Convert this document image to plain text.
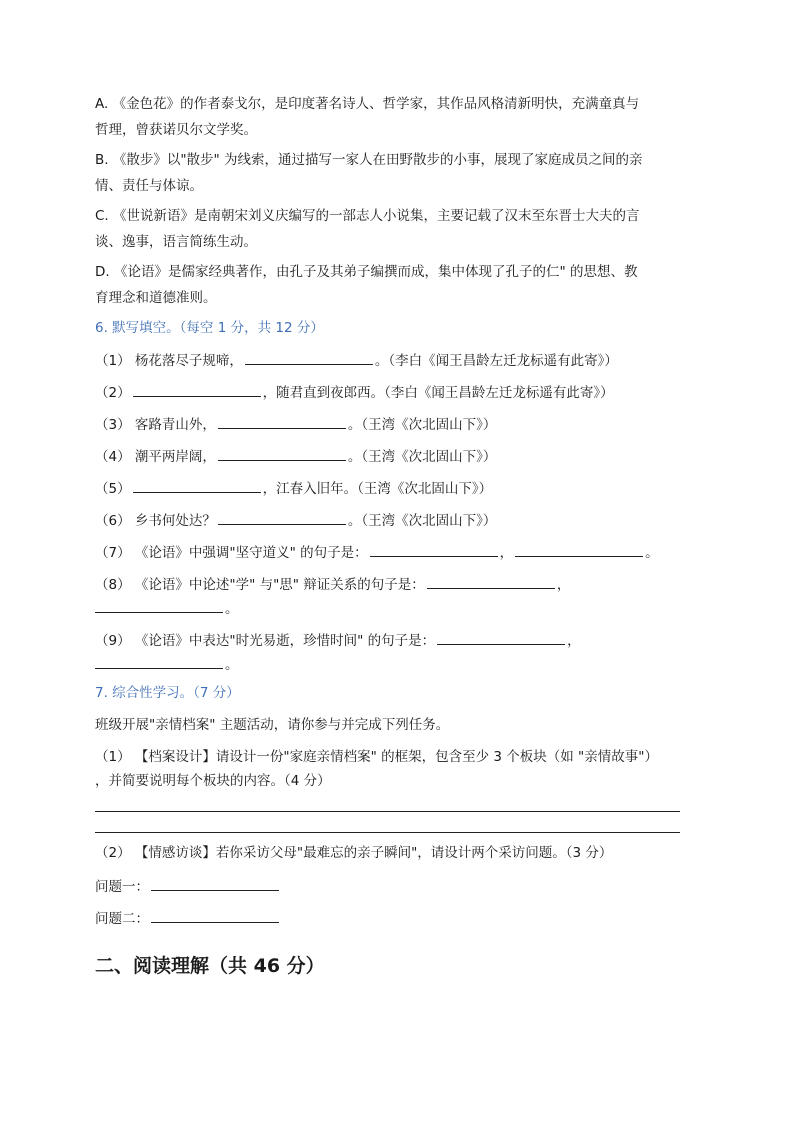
A. 《金色花》的作者泰戈尔，是印度著名诗人、哲学家，其作品风格清新明快，充满童真与
哲理，曾获诺贝尔文学奖。
B. 《散步》以"散步" 为线索，通过描写一家人在田野散步的小事，展现了家庭成员之间的亲
情、责任与体谅。
C. 《世说新语》是南朝宋刘义庆编写的一部志人小说集，主要记载了汉末至东晋士大夫的言
谈、逸事，语言简练生动。
D. 《论语》是儒家经典著作，由孔子及其弟子编撰而成，集中体现了孔子的仁" 的思想、教
育理念和道德准则。
6. 默写填空。（每空 1 分，共 12 分）
（1） 杨花落尽子规啼，	。（李白《闻王昌龄左迁龙标遥有此寄》）
（2）	，随君直到夜郎西。（李白《闻王昌龄左迁龙标遥有此寄》）
（3） 客路青山外，	。（王湾《次北固山下》）
（4） 潮平两岸阔，	。（王湾《次北固山下》）
（5）	，江春入旧年。（王湾《次北固山下》）
（6） 乡书何处达？	。（王湾《次北固山下》）
（7） 《论语》中强调"坚守道义" 的句子是：	，	。
（8） 《论语》中论述"学" 与"思" 辩证关系的句子是：	，
。
（9） 《论语》中表达"时光易逝，珍惜时间" 的句子是：	，
。
7. 综合性学习。（7 分）
班级开展"亲情档案" 主题活动，请你参与并完成下列任务。
（1） 【档案设计】请设计一份"家庭亲情档案" 的框架，包含至少 3 个板块（如 "亲情故事"）
，并简要说明每个板块的内容。（4 分）
（2） 【情感访谈】若你采访父母"最难忘的亲子瞬间"，请设计两个采访问题。（3 分）
问题一：
问题二：
二、阅读理解（共 46 分）
